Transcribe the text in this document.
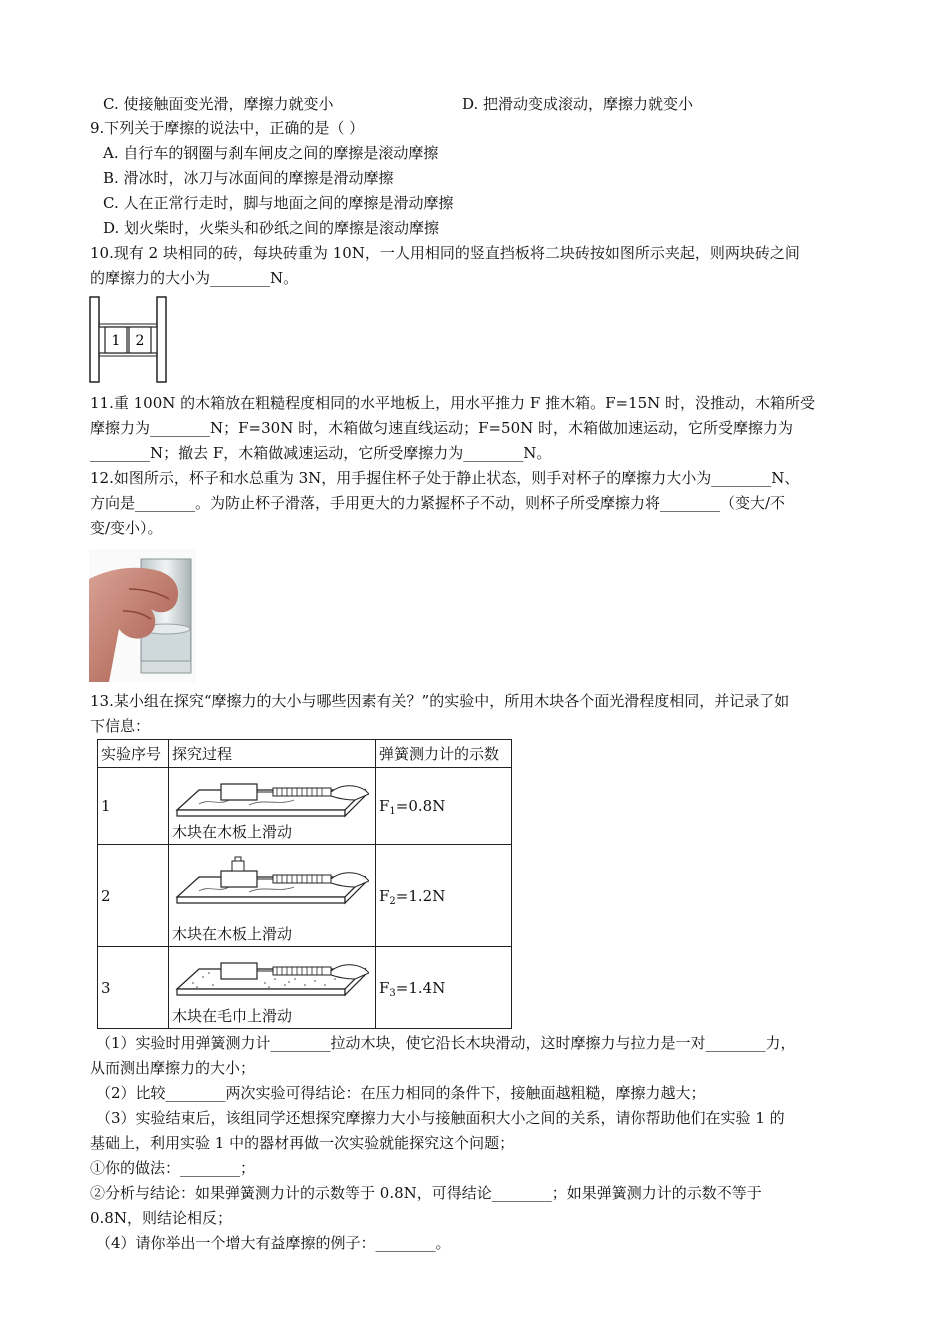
C. 使接触面变光滑，摩擦力就变小	D. 把滑动变成滚动，摩擦力就变小
9.下列关于摩擦的说法中，正确的是（ ）
A. 自行车的钢圈与刹车闸皮之间的摩擦是滚动摩擦
B. 滑冰时，冰刀与冰面间的摩擦是滑动摩擦
C. 人在正常行走时，脚与地面之间的摩擦是滑动摩擦
D. 划火柴时，火柴头和砂纸之间的摩擦是滚动摩擦
10.现有 2 块相同的砖，每块砖重为 10N，一人用相同的竖直挡板将二块砖按如图所示夹起，则两块砖之间
的摩擦力的大小为________N。
1 2
11.重 100N 的木箱放在粗糙程度相同的水平地板上，用水平推力 F 推木箱。F=15N 时，没推动，木箱所受
摩擦力为________N；F=30N 时，木箱做匀速直线运动；F=50N 时，木箱做加速运动，它所受摩擦力为
________N；撤去 F，木箱做减速运动，它所受摩擦力为________N。
12.如图所示，杯子和水总重为 3N，用手握住杯子处于静止状态，则手对杯子的摩擦力大小为________N、
方向是________。为防止杯子滑落，手用更大的力紧握杯子不动，则杯子所受摩擦力将________（变大/不
变/变小）。
13.某小组在探究“摩擦力的大小与哪些因素有关？”的实验中，所用木块各个面光滑程度相同，并记录了如
下信息：
实验序号	探究过程	弹簧测力计的示数
1	木块在木板上滑动	$F_1=0.8N$
2	木块在木板上滑动	$F_2=1.2N$
3	木块在毛巾上滑动	$F_3=1.4N$
（1）实验时用弹簧测力计________拉动木块，使它沿长木块滑动，这时摩擦力与拉力是一对________力，
从而测出摩擦力的大小；
（2）比较________两次实验可得结论：在压力相同的条件下，接触面越粗糙，摩擦力越大；
（3）实验结束后，该组同学还想探究摩擦力大小与接触面积大小之间的关系，请你帮助他们在实验 1 的
基础上，利用实验 1 中的器材再做一次实验就能探究这个问题；
①你的做法：________；
②分析与结论：如果弹簧测力计的示数等于 0.8N，可得结论________；如果弹簧测力计的示数不等于
0.8N，则结论相反；
（4）请你举出一个增大有益摩擦的例子：________。
